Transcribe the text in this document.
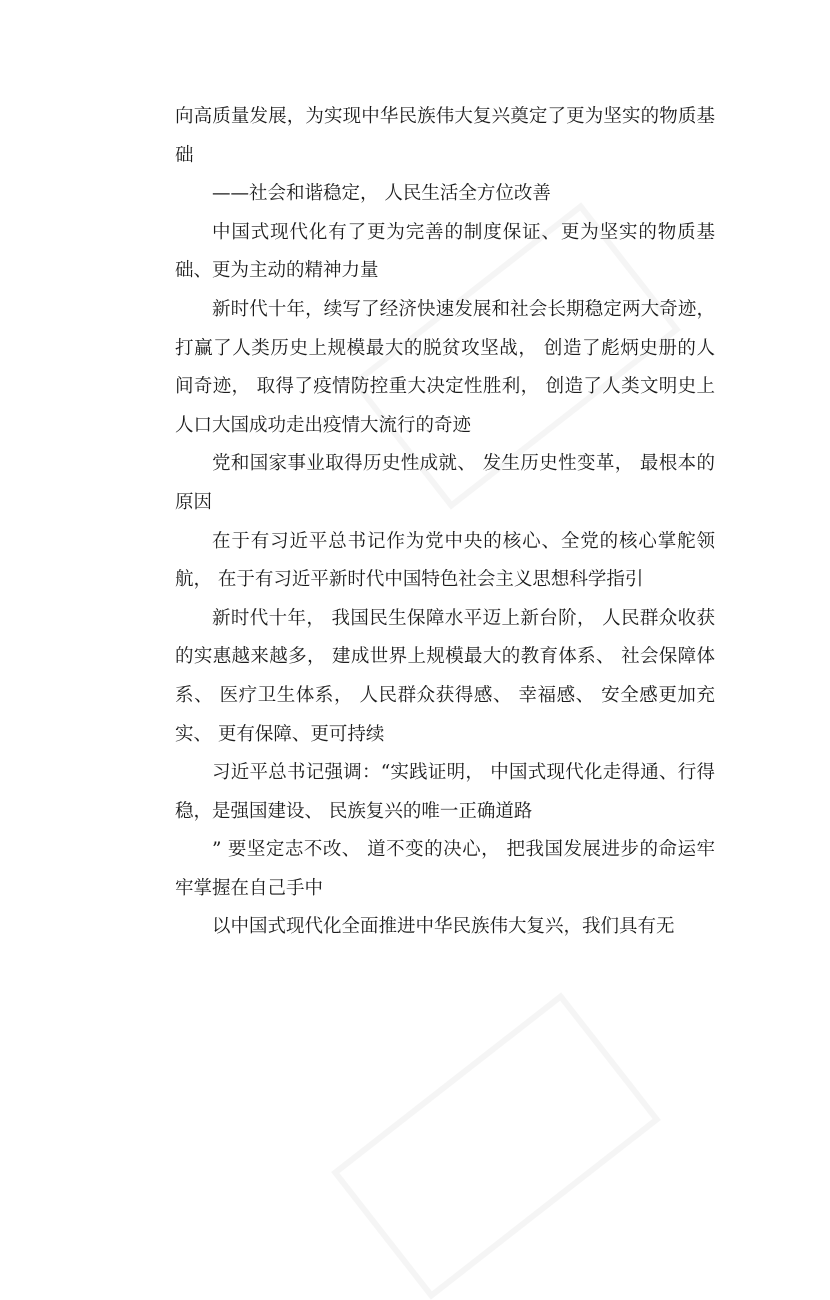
向高质量发展，为实现中华民族伟大复兴奠定了更为坚实的物质基础

——社会和谐稳定， 人民生活全方位改善

中国式现代化有了更为完善的制度保证、更为坚实的物质基础、更为主动的精神力量

新时代十年，续写了经济快速发展和社会长期稳定两大奇迹， 打赢了人类历史上规模最大的脱贫攻坚战， 创造了彪炳史册的人间奇迹， 取得了疫情防控重大决定性胜利， 创造了人类文明史上人口大国成功走出疫情大流行的奇迹

党和国家事业取得历史性成就、 发生历史性变革， 最根本的原因

在于有习近平总书记作为党中央的核心、全党的核心掌舵领航， 在于有习近平新时代中国特色社会主义思想科学指引

新时代十年， 我国民生保障水平迈上新台阶， 人民群众收获的实惠越来越多， 建成世界上规模最大的教育体系、 社会保障体系、 医疗卫生体系， 人民群众获得感、 幸福感、 安全感更加充实、 更有保障、更可持续

习近平总书记强调：“实践证明， 中国式现代化走得通、行得稳，是强国建设、 民族复兴的唯一正确道路

” 要坚定志不改、 道不变的决心， 把我国发展进步的命运牢牢掌握在自己手中

以中国式现代化全面推进中华民族伟大复兴，我们具有无
